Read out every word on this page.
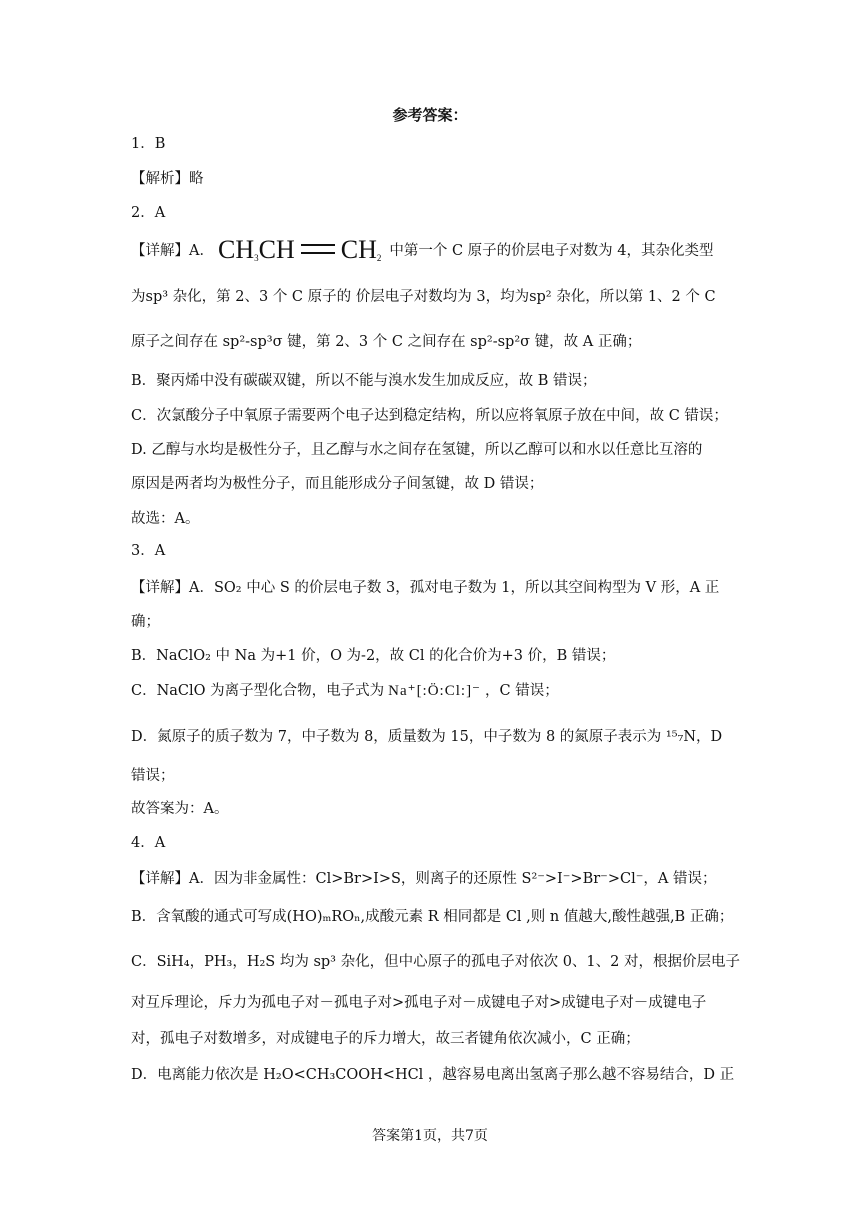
参考答案：
1．B
【解析】略
2．A
【详解】A． $CH_3CH$ $CH_2$ 中第一个 C 原子的价层电子对数为 4，其杂化类型
为sp³ 杂化，第 2、3 个 C 原子的 价层电子对数均为 3，均为sp² 杂化，所以第 1、2 个 C
原子之间存在 sp²-sp³σ 键，第 2、3 个 C 之间存在 sp²-sp²σ 键，故 A 正确；
B．聚丙烯中没有碳碳双键，所以不能与溴水发生加成反应，故 B 错误；
C．次氯酸分子中氧原子需要两个电子达到稳定结构，所以应将氧原子放在中间，故 C 错误；
D. 乙醇与水均是极性分子，且乙醇与水之间存在氢键，所以乙醇可以和水以任意比互溶的
原因是两者均为极性分子，而且能形成分子间氢键，故 D 错误；
故选：A。
3．A
【详解】A．SO₂ 中心 S 的价层电子数 3，孤对电子数为 1，所以其空间构型为 V 形，A 正
确；
B．NaClO₂ 中 Na 为+1 价，O 为-2，故 Cl 的化合价为+3 价，B 错误；
C．NaClO 为离子型化合物，电子式为 Na⁺[:Ö:Cl:]⁻ ，C 错误；
D．氮原子的质子数为 7，中子数为 8，质量数为 15，中子数为 8 的氮原子表示为 ¹⁵₇N，D
错误；
故答案为：A。
4．A
【详解】A．因为非金属性：Cl>Br>I>S，则离子的还原性 S²⁻>I⁻>Br⁻>Cl⁻，A 错误；
B．含氧酸的通式可写成(HO)ₘROₙ,成酸元素 R 相同都是 Cl ,则 n 值越大,酸性越强,B 正确；
C．SiH₄，PH₃，H₂S 均为 sp³ 杂化，但中心原子的孤电子对依次 0、1、2 对，根据价层电子
对互斥理论，斥力为孤电子对－孤电子对>孤电子对－成键电子对>成键电子对－成键电子
对，孤电子对数增多，对成键电子的斥力增大，故三者键角依次减小，C 正确；
D．电离能力依次是 H₂O<CH₃COOH<HCl ，越容易电离出氢离子那么越不容易结合，D 正
答案第1页，共7页
